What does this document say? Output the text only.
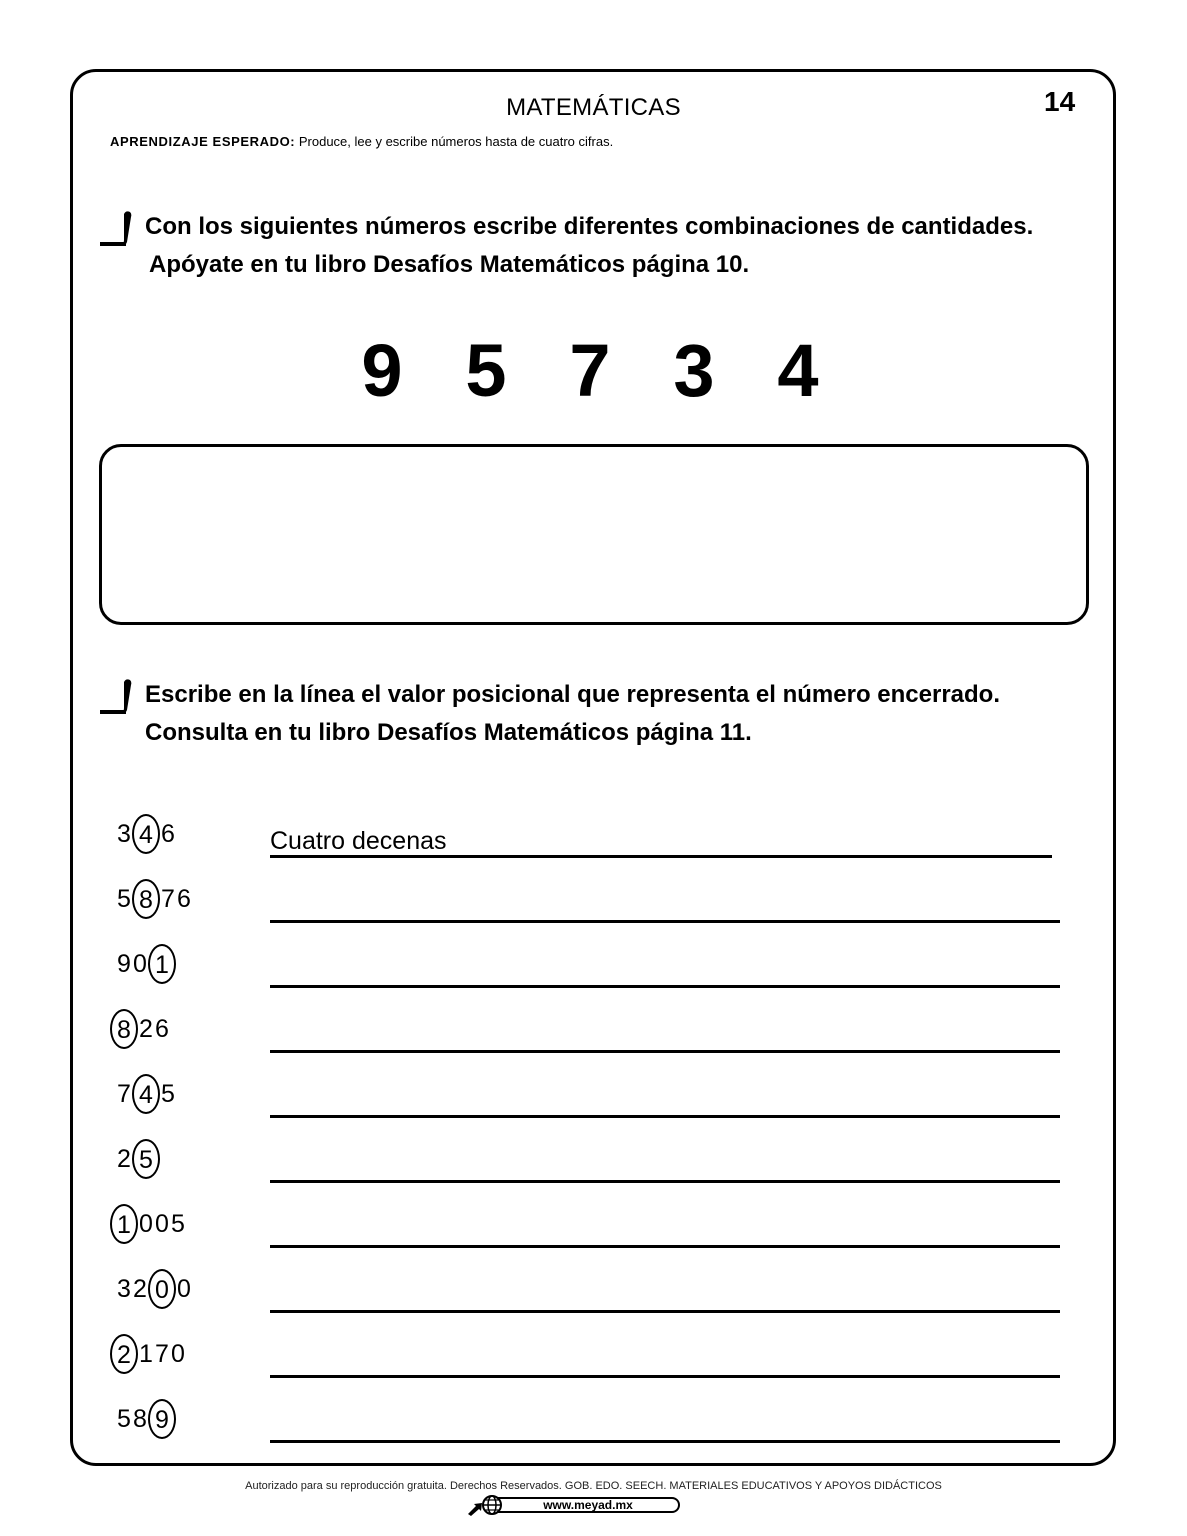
MATEMÁTICAS	14
APRENDIZAJE ESPERADO: Produce, lee y escribe números hasta de cuatro cifras.
Con los siguientes números escribe diferentes combinaciones de cantidades.
Apóyate en tu libro Desafíos Matemáticos página 10.
9 5 7 3 4
Escribe en la línea el valor posicional que representa el número encerrado.
Consulta en tu libro Desafíos Matemáticos página 11.
3 4 6	Cuatro decenas
5 8 7 6
9 0 1
8 2 6
7 4 5
2 5
1 0 0 5
3 2 0 0
2 1 7 0
5 8 9
Autorizado para su reproducción gratuita. Derechos Reservados. GOB. EDO. SEECH. MATERIALES EDUCATIVOS Y APOYOS DIDÁCTICOS
www.meyad.mx
